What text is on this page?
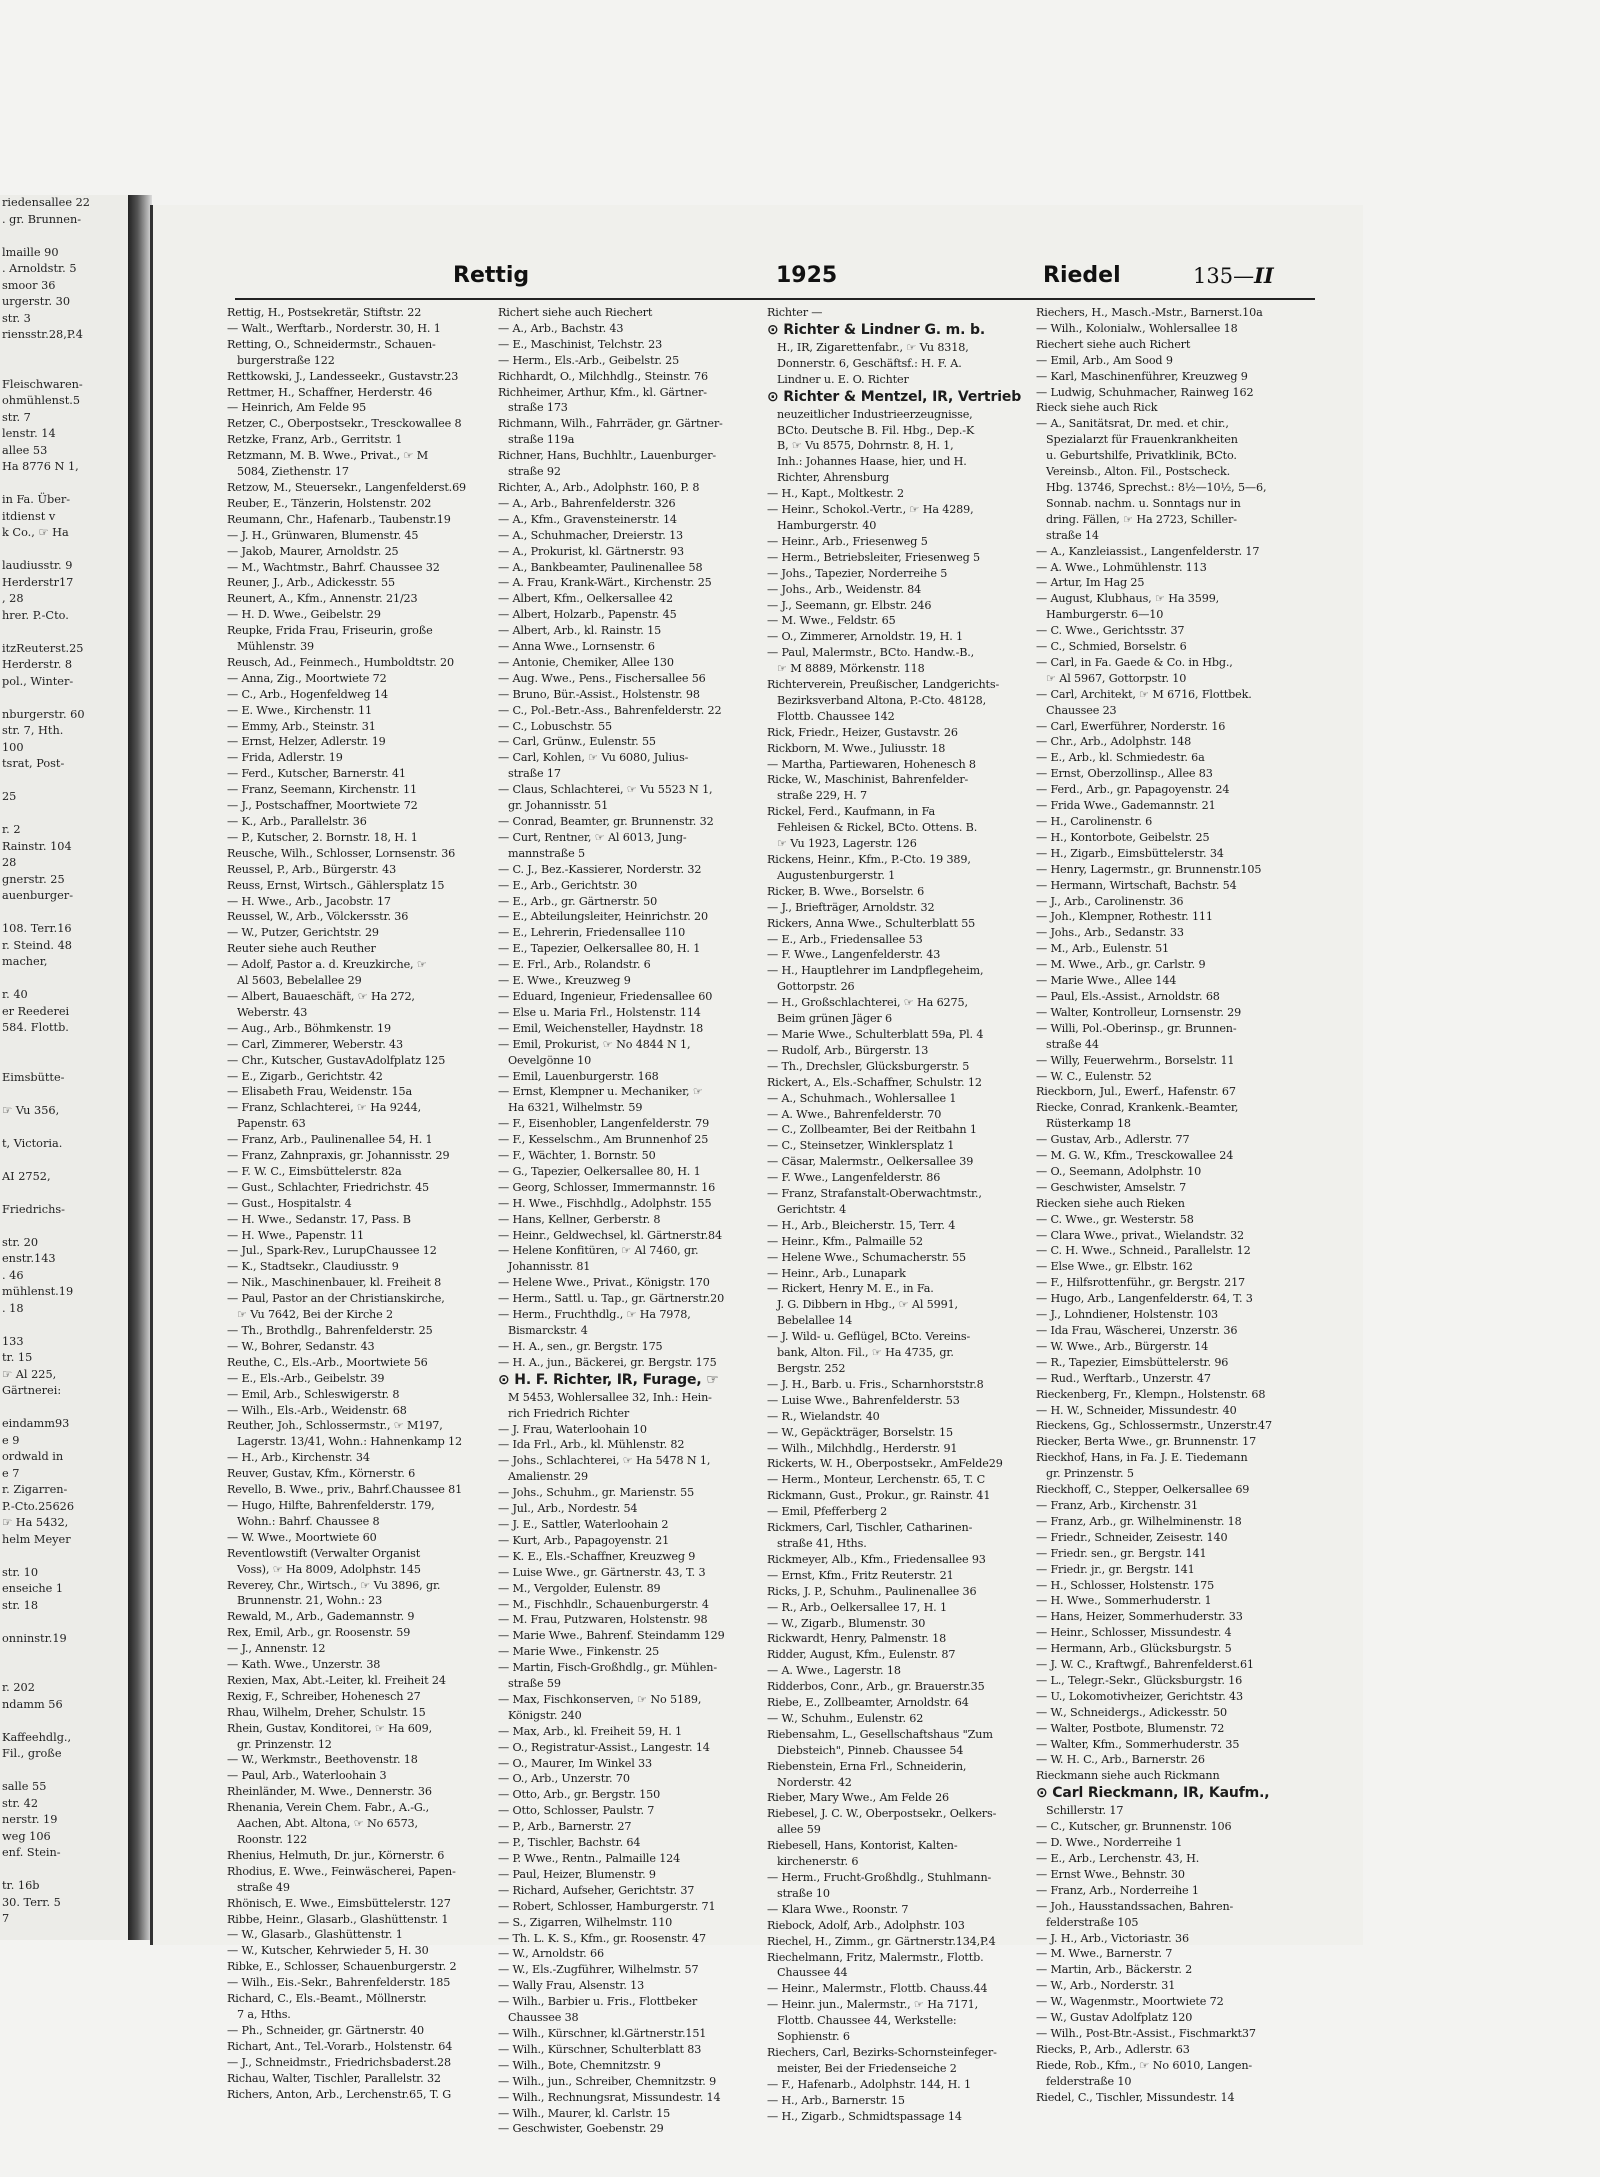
riedensallee 22
. gr. Brunnen-

lmaille 90
. Arnoldstr. 5
smoor 36
urgerstr. 30
str. 3
riensstr.28,P.4

Fleischwaren-
ohmühlenst.5
str. 7
lenstr. 14
allee 53
Ha 8776 N 1,

in Fa. Über-
itdienst v
k Co., ☞ Ha

laudiusstr. 9
Herderstr17
, 28
hrer. P.-Cto.

itzReuterst.25
Herderstr. 8
pol., Winter-

nburgerstr. 60
str. 7, Hth.
100
tsrat, Post-

25

r. 2
Rainstr. 104
28
gnerstr. 25
auenburger-

108. Terr.16
r. Steind. 48
macher,

r. 40
er Reederei
584. Flottb.

Eimsbütte-

☞ Vu 356,

t, Victoria.

AI 2752,

Friedrichs-

str. 20
enstr.143
. 46
mühlenst.19
. 18

133
tr. 15
☞ Al 225,
Gärtnerei:

eindamm93
e 9
ordwald in
e 7
r. Zigarren-
P.-Cto.25626
☞ Ha 5432,
helm Meyer

str. 10
enseiche 1
str. 18

onninstr.19

r. 202
ndamm 56

Kaffeehdlg.,
Fil., große

salle 55
str. 42
nerstr. 19
weg 106
enf. Stein-

tr. 16b
30. Terr. 5
7
Rettig	1925	Riedel	135—II
Rettig, H., Postsekretär, Stiftstr. 22
— Walt., Werftarb., Norderstr. 30, H. 1
Retting, O., Schneidermstr., Schauen-
burgerstraße 122
Rettkowski, J., Landesseekr., Gustavstr.23
Rettmer, H., Schaffner, Herderstr. 46
— Heinrich, Am Felde 95
Retzer, C., Oberpostsekr., Tresckowallee 8
Retzke, Franz, Arb., Gerritstr. 1
Retzmann, M. B. Wwe., Privat., ☞ M
5084, Ziethenstr. 17
Retzow, M., Steuersekr., Langenfelderst.69
Reuber, E., Tänzerin, Holstenstr. 202
Reumann, Chr., Hafenarb., Taubenstr.19
— J. H., Grünwaren, Blumenstr. 45
— Jakob, Maurer, Arnoldstr. 25
— M., Wachtmstr., Bahrf. Chaussee 32
Reuner, J., Arb., Adickesstr. 55
Reunert, A., Kfm., Annenstr. 21/23
— H. D. Wwe., Geibelstr. 29
Reupke, Frida Frau, Friseurin, große
Mühlenstr. 39
Reusch, Ad., Feinmech., Humboldtstr. 20
— Anna, Zig., Moortwiete 72
— C., Arb., Hogenfeldweg 14
— E. Wwe., Kirchenstr. 11
— Emmy, Arb., Steinstr. 31
— Ernst, Helzer, Adlerstr. 19
— Frida, Adlerstr. 19
— Ferd., Kutscher, Barnerstr. 41
— Franz, Seemann, Kirchenstr. 11
— J., Postschaffner, Moortwiete 72
— K., Arb., Parallelstr. 36
— P., Kutscher, 2. Bornstr. 18, H. 1
Reusche, Wilh., Schlosser, Lornsenstr. 36
Reussel, P., Arb., Bürgerstr. 43
Reuss, Ernst, Wirtsch., Gählersplatz 15
— H. Wwe., Arb., Jacobstr. 17
Reussel, W., Arb., Völckersstr. 36
— W., Putzer, Gerichtstr. 29
Reuter siehe auch Reuther
— Adolf, Pastor a. d. Kreuzkirche, ☞
Al 5603, Bebelallee 29
— Albert, Bauaeschäft, ☞ Ha 272,
Weberstr. 43
— Aug., Arb., Böhmkenstr. 19
— Carl, Zimmerer, Weberstr. 43
— Chr., Kutscher, GustavAdolfplatz 125
— E., Zigarb., Gerichtstr. 42
— Elisabeth Frau, Weidenstr. 15a
— Franz, Schlachterei, ☞ Ha 9244,
Papenstr. 63
— Franz, Arb., Paulinenallee 54, H. 1
— Franz, Zahnpraxis, gr. Johannisstr. 29
— F. W. C., Eimsbüttelerstr. 82a
— Gust., Schlachter, Friedrichstr. 45
— Gust., Hospitalstr. 4
— H. Wwe., Sedanstr. 17, Pass. B
— H. Wwe., Papenstr. 11
— Jul., Spark-Rev., LurupChaussee 12
— K., Stadtsekr., Claudiusstr. 9
— Nik., Maschinenbauer, kl. Freiheit 8
— Paul, Pastor an der Christianskirche,
☞ Vu 7642, Bei der Kirche 2
— Th., Brothdlg., Bahrenfelderstr. 25
— W., Bohrer, Sedanstr. 43
Reuthe, C., Els.-Arb., Moortwiete 56
— E., Els.-Arb., Geibelstr. 39
— Emil, Arb., Schleswigerstr. 8
— Wilh., Els.-Arb., Weidenstr. 68
Reuther, Joh., Schlossermstr., ☞ M197,
Lagerstr. 13/41, Wohn.: Hahnenkamp 12
— H., Arb., Kirchenstr. 34
Reuver, Gustav, Kfm., Körnerstr. 6
Revello, B. Wwe., priv., Bahrf.Chaussee 81
— Hugo, Hilfte, Bahrenfelderstr. 179,
Wohn.: Bahrf. Chaussee 8
— W. Wwe., Moortwiete 60
Reventlowstift (Verwalter Organist
Voss), ☞ Ha 8009, Adolphstr. 145
Reverey, Chr., Wirtsch., ☞ Vu 3896, gr.
Brunnenstr. 21, Wohn.: 23
Rewald, M., Arb., Gademannstr. 9
Rex, Emil, Arb., gr. Roosenstr. 59
— J., Annenstr. 12
— Kath. Wwe., Unzerstr. 38
Rexien, Max, Abt.-Leiter, kl. Freiheit 24
Rexig, F., Schreiber, Hohenesch 27
Rhau, Wilhelm, Dreher, Schulstr. 15
Rhein, Gustav, Konditorei, ☞ Ha 609,
gr. Prinzenstr. 12
— W., Werkmstr., Beethovenstr. 18
— Paul, Arb., Waterloohain 3
Rheinländer, M. Wwe., Dennerstr. 36
Rhenania, Verein Chem. Fabr., A.-G.,
Aachen, Abt. Altona, ☞ No 6573,
Roonstr. 122
Rhenius, Helmuth, Dr. jur., Körnerstr. 6
Rhodius, E. Wwe., Feinwäscherei, Papen-
straße 49
Rhönisch, E. Wwe., Eimsbüttelerstr. 127
Ribbe, Heinr., Glasarb., Glashüttenstr. 1
— W., Glasarb., Glashüttenstr. 1
— W., Kutscher, Kehrwieder 5, H. 30
Ribke, E., Schlosser, Schauenburgerstr. 2
— Wilh., Eis.-Sekr., Bahrenfelderstr. 185
Richard, C., Els.-Beamt., Möllnerstr.
7 a, Hths.
— Ph., Schneider, gr. Gärtnerstr. 40
Richart, Ant., Tel.-Vorarb., Holstenstr. 64
— J., Schneidmstr., Friedrichsbaderst.28
Richau, Walter, Tischler, Parallelstr. 32
Richers, Anton, Arb., Lerchenstr.65, T. G
Richert siehe auch Riechert
— A., Arb., Bachstr. 43
— E., Maschinist, Telchstr. 23
— Herm., Els.-Arb., Geibelstr. 25
Richhardt, O., Milchhdlg., Steinstr. 76
Richheimer, Arthur, Kfm., kl. Gärtner-
straße 173
Richmann, Wilh., Fahrräder, gr. Gärtner-
straße 119a
Richner, Hans, Buchhltr., Lauenburger-
straße 92
Richter, A., Arb., Adolphstr. 160, P. 8
— A., Arb., Bahrenfelderstr. 326
— A., Kfm., Gravensteinerstr. 14
— A., Schuhmacher, Dreierstr. 13
— A., Prokurist, kl. Gärtnerstr. 93
— A., Bankbeamter, Paulinenallee 58
— A. Frau, Krank-Wärt., Kirchenstr. 25
— Albert, Kfm., Oelkersallee 42
— Albert, Holzarb., Papenstr. 45
— Albert, Arb., kl. Rainstr. 15
— Anna Wwe., Lornsenstr. 6
— Antonie, Chemiker, Allee 130
— Aug. Wwe., Pens., Fischersallee 56
— Bruno, Bür.-Assist., Holstenstr. 98
— C., Pol.-Betr.-Ass., Bahrenfelderstr. 22
— C., Lobuschstr. 55
— Carl, Grünw., Eulenstr. 55
— Carl, Kohlen, ☞ Vu 6080, Julius-
straße 17
— Claus, Schlachterei, ☞ Vu 5523 N 1,
gr. Johannisstr. 51
— Conrad, Beamter, gr. Brunnenstr. 32
— Curt, Rentner, ☞ Al 6013, Jung-
mannstraße 5
— C. J., Bez.-Kassierer, Norderstr. 32
— E., Arb., Gerichtstr. 30
— E., Arb., gr. Gärtnerstr. 50
— E., Abteilungsleiter, Heinrichstr. 20
— E., Lehrerin, Friedensallee 110
— E., Tapezier, Oelkersallee 80, H. 1
— E. Frl., Arb., Rolandstr. 6
— E. Wwe., Kreuzweg 9
— Eduard, Ingenieur, Friedensallee 60
— Else u. Maria Frl., Holstenstr. 114
— Emil, Weichensteller, Haydnstr. 18
— Emil, Prokurist, ☞ No 4844 N 1,
Oevelgönne 10
— Emil, Lauenburgerstr. 168
— Ernst, Klempner u. Mechaniker, ☞
Ha 6321, Wilhelmstr. 59
— F., Eisenhobler, Langenfelderstr. 79
— F., Kesselschm., Am Brunnenhof 25
— F., Wächter, 1. Bornstr. 50
— G., Tapezier, Oelkersallee 80, H. 1
— Georg, Schlosser, Immermannstr. 16
— H. Wwe., Fischhdlg., Adolphstr. 155
— Hans, Kellner, Gerberstr. 8
— Heinr., Geldwechsel, kl. Gärtnerstr.84
— Helene Konfitüren, ☞ Al 7460, gr.
Johannisstr. 81
— Helene Wwe., Privat., Königstr. 170
— Herm., Sattl. u. Tap., gr. Gärtnerstr.20
— Herm., Fruchthdlg., ☞ Ha 7978,
Bismarckstr. 4
— H. A., sen., gr. Bergstr. 175
— H. A., jun., Bäckerei, gr. Bergstr. 175
⊙ H. F. Richter, IR, Furage, ☞
M 5453, Wohlersallee 32, Inh.: Hein-
rich Friedrich Richter
— J. Frau, Waterloohain 10
— Ida Frl., Arb., kl. Mühlenstr. 82
— Johs., Schlachterei, ☞ Ha 5478 N 1,
Amalienstr. 29
— Johs., Schuhm., gr. Marienstr. 55
— Jul., Arb., Nordestr. 54
— J. E., Sattler, Waterloohain 2
— Kurt, Arb., Papagoyenstr. 21
— K. E., Els.-Schaffner, Kreuzweg 9
— Luise Wwe., gr. Gärtnerstr. 43, T. 3
— M., Vergolder, Eulenstr. 89
— M., Fischhdlr., Schauenburgerstr. 4
— M. Frau, Putzwaren, Holstenstr. 98
— Marie Wwe., Bahrenf. Steindamm 129
— Marie Wwe., Finkenstr. 25
— Martin, Fisch-Großhdlg., gr. Mühlen-
straße 59
— Max, Fischkonserven, ☞ No 5189,
Königstr. 240
— Max, Arb., kl. Freiheit 59, H. 1
— O., Registratur-Assist., Langestr. 14
— O., Maurer, Im Winkel 33
— O., Arb., Unzerstr. 70
— Otto, Arb., gr. Bergstr. 150
— Otto, Schlosser, Paulstr. 7
— P., Arb., Barnerstr. 27
— P., Tischler, Bachstr. 64
— P. Wwe., Rentn., Palmaille 124
— Paul, Heizer, Blumenstr. 9
— Richard, Aufseher, Gerichtstr. 37
— Robert, Schlosser, Hamburgerstr. 71
— S., Zigarren, Wilhelmstr. 110
— Th. L. K. S., Kfm., gr. Roosenstr. 47
— W., Arnoldstr. 66
— W., Els.-Zugführer, Wilhelmstr. 57
— Wally Frau, Alsenstr. 13
— Wilh., Barbier u. Fris., Flottbeker
Chaussee 38
— Wilh., Kürschner, kl.Gärtnerstr.151
— Wilh., Kürschner, Schulterblatt 83
— Wilh., Bote, Chemnitzstr. 9
— Wilh., jun., Schreiber, Chemnitzstr. 9
— Wilh., Rechnungsrat, Missundestr. 14
— Wilh., Maurer, kl. Carlstr. 15
— Geschwister, Goebenstr. 29
Richter —
⊙ Richter & Lindner G. m. b.
H., IR, Zigarettenfabr., ☞ Vu 8318,
Donnerstr. 6, Geschäftsf.: H. F. A.
Lindner u. E. O. Richter
⊙ Richter & Mentzel, IR, Vertrieb
neuzeitlicher Industrieerzeugnisse,
BCto. Deutsche B. Fil. Hbg., Dep.-K
B, ☞ Vu 8575, Dohrnstr. 8, H. 1,
Inh.: Johannes Haase, hier, und H.
Richter, Ahrensburg
— H., Kapt., Moltkestr. 2
— Heinr., Schokol.-Vertr., ☞ Ha 4289,
Hamburgerstr. 40
— Heinr., Arb., Friesenweg 5
— Herm., Betriebsleiter, Friesenweg 5
— Johs., Tapezier, Norderreihe 5
— Johs., Arb., Weidenstr. 84
— J., Seemann, gr. Elbstr. 246
— M. Wwe., Feldstr. 65
— O., Zimmerer, Arnoldstr. 19, H. 1
— Paul, Malermstr., BCto. Handw.-B.,
☞ M 8889, Mörkenstr. 118
Richterverein, Preußischer, Landgerichts-
Bezirksverband Altona, P.-Cto. 48128,
Flottb. Chaussee 142
Rick, Friedr., Heizer, Gustavstr. 26
Rickborn, M. Wwe., Juliusstr. 18
— Martha, Partiewaren, Hohenesch 8
Ricke, W., Maschinist, Bahrenfelder-
straße 229, H. 7
Rickel, Ferd., Kaufmann, in Fa
Fehleisen & Rickel, BCto. Ottens. B.
☞ Vu 1923, Lagerstr. 126
Rickens, Heinr., Kfm., P.-Cto. 19 389,
Augustenburgerstr. 1
Ricker, B. Wwe., Borselstr. 6
— J., Briefträger, Arnoldstr. 32
Rickers, Anna Wwe., Schulterblatt 55
— E., Arb., Friedensallee 53
— F. Wwe., Langenfelderstr. 43
— H., Hauptlehrer im Landpflegeheim,
Gottorpstr. 26
— H., Großschlachterei, ☞ Ha 6275,
Beim grünen Jäger 6
— Marie Wwe., Schulterblatt 59a, Pl. 4
— Rudolf, Arb., Bürgerstr. 13
— Th., Drechsler, Glücksburgerstr. 5
Rickert, A., Els.-Schaffner, Schulstr. 12
— A., Schuhmach., Wohlersallee 1
— A. Wwe., Bahrenfelderstr. 70
— C., Zollbeamter, Bei der Reitbahn 1
— C., Steinsetzer, Winklersplatz 1
— Cäsar, Malermstr., Oelkersallee 39
— F. Wwe., Langenfelderstr. 86
— Franz, Strafanstalt-Oberwachtmstr.,
Gerichtstr. 4
— H., Arb., Bleicherstr. 15, Terr. 4
— Heinr., Kfm., Palmaille 52
— Helene Wwe., Schumacherstr. 55
— Heinr., Arb., Lunapark
— Rickert, Henry M. E., in Fa.
J. G. Dibbern in Hbg., ☞ Al 5991,
Bebelallee 14
— J. Wild- u. Geflügel, BCto. Vereins-
bank, Alton. Fil., ☞ Ha 4735, gr.
Bergstr. 252
— J. H., Barb. u. Fris., Scharnhorststr.8
— Luise Wwe., Bahrenfelderstr. 53
— R., Wielandstr. 40
— W., Gepäckträger, Borselstr. 15
— Wilh., Milchhdlg., Herderstr. 91
Rickerts, W. H., Oberpostsekr., AmFelde29
— Herm., Monteur, Lerchenstr. 65, T. C
Rickmann, Gust., Prokur., gr. Rainstr. 41
— Emil, Pfefferberg 2
Rickmers, Carl, Tischler, Catharinen-
straße 41, Hths.
Rickmeyer, Alb., Kfm., Friedensallee 93
— Ernst, Kfm., Fritz Reuterstr. 21
Ricks, J. P., Schuhm., Paulinenallee 36
— R., Arb., Oelkersallee 17, H. 1
— W., Zigarb., Blumenstr. 30
Rickwardt, Henry, Palmenstr. 18
Ridder, August, Kfm., Eulenstr. 87
— A. Wwe., Lagerstr. 18
Ridderbos, Conr., Arb., gr. Brauerstr.35
Riebe, E., Zollbeamter, Arnoldstr. 64
— W., Schuhm., Eulenstr. 62
Riebensahm, L., Gesellschaftshaus "Zum
Diebsteich", Pinneb. Chaussee 54
Riebenstein, Erna Frl., Schneiderin,
Norderstr. 42
Rieber, Mary Wwe., Am Felde 26
Riebesel, J. C. W., Oberpostsekr., Oelkers-
allee 59
Riebesell, Hans, Kontorist, Kalten-
kirchenerstr. 6
— Herm., Frucht-Großhdlg., Stuhlmann-
straße 10
— Klara Wwe., Roonstr. 7
Riebock, Adolf, Arb., Adolphstr. 103
Riechel, H., Zimm., gr. Gärtnerstr.134,P.4
Riechelmann, Fritz, Malermstr., Flottb.
Chaussee 44
— Heinr., Malermstr., Flottb. Chauss.44
— Heinr. jun., Malermstr., ☞ Ha 7171,
Flottb. Chaussee 44, Werkstelle:
Sophienstr. 6
Riechers, Carl, Bezirks-Schornsteinfeger-
meister, Bei der Friedenseiche 2
— F., Hafenarb., Adolphstr. 144, H. 1
— H., Arb., Barnerstr. 15
— H., Zigarb., Schmidtspassage 14
Riechers, H., Masch.-Mstr., Barnerst.10a
— Wilh., Kolonialw., Wohlersallee 18
Riechert siehe auch Richert
— Emil, Arb., Am Sood 9
— Karl, Maschinenführer, Kreuzweg 9
— Ludwig, Schuhmacher, Rainweg 162
Rieck siehe auch Rick
— A., Sanitätsrat, Dr. med. et chir.,
Spezialarzt für Frauenkrankheiten
u. Geburtshilfe, Privatklinik, BCto.
Vereinsb., Alton. Fil., Postscheck.
Hbg. 13746, Sprechst.: 8½—10½, 5—6,
Sonnab. nachm. u. Sonntags nur in
dring. Fällen, ☞ Ha 2723, Schiller-
straße 14
— A., Kanzleiassist., Langenfelderstr. 17
— A. Wwe., Lohmühlenstr. 113
— Artur, Im Hag 25
— August, Klubhaus, ☞ Ha 3599,
Hamburgerstr. 6—10
— C. Wwe., Gerichtsstr. 37
— C., Schmied, Borselstr. 6
— Carl, in Fa. Gaede & Co. in Hbg.,
☞ Al 5967, Gottorpstr. 10
— Carl, Architekt, ☞ M 6716, Flottbek.
Chaussee 23
— Carl, Ewerführer, Norderstr. 16
— Chr., Arb., Adolphstr. 148
— E., Arb., kl. Schmiedestr. 6a
— Ernst, Oberzollinsp., Allee 83
— Ferd., Arb., gr. Papagoyenstr. 24
— Frida Wwe., Gademannstr. 21
— H., Carolinenstr. 6
— H., Kontorbote, Geibelstr. 25
— H., Zigarb., Eimsbüttelerstr. 34
— Henry, Lagermstr., gr. Brunnenstr.105
— Hermann, Wirtschaft, Bachstr. 54
— J., Arb., Carolinenstr. 36
— Joh., Klempner, Rothestr. 111
— Johs., Arb., Sedanstr. 33
— M., Arb., Eulenstr. 51
— M. Wwe., Arb., gr. Carlstr. 9
— Marie Wwe., Allee 144
— Paul, Els.-Assist., Arnoldstr. 68
— Walter, Kontrolleur, Lornsenstr. 29
— Willi, Pol.-Oberinsp., gr. Brunnen-
straße 44
— Willy, Feuerwehrm., Borselstr. 11
— W. C., Eulenstr. 52
Rieckborn, Jul., Ewerf., Hafenstr. 67
Riecke, Conrad, Krankenk.-Beamter,
Rüsterkamp 18
— Gustav, Arb., Adlerstr. 77
— M. G. W., Kfm., Tresckowallee 24
— O., Seemann, Adolphstr. 10
— Geschwister, Amselstr. 7
Riecken siehe auch Rieken
— C. Wwe., gr. Westerstr. 58
— Clara Wwe., privat., Wielandstr. 32
— C. H. Wwe., Schneid., Parallelstr. 12
— Else Wwe., gr. Elbstr. 162
— F., Hilfsrottenführ., gr. Bergstr. 217
— Hugo, Arb., Langenfelderstr. 64, T. 3
— J., Lohndiener, Holstenstr. 103
— Ida Frau, Wäscherei, Unzerstr. 36
— W. Wwe., Arb., Bürgerstr. 14
— R., Tapezier, Eimsbüttelerstr. 96
— Rud., Werftarb., Unzerstr. 47
Rieckenberg, Fr., Klempn., Holstenstr. 68
— H. W., Schneider, Missundestr. 40
Rieckens, Gg., Schlossermstr., Unzerstr.47
Riecker, Berta Wwe., gr. Brunnenstr. 17
Rieckhof, Hans, in Fa. J. E. Tiedemann
gr. Prinzenstr. 5
Rieckhoff, C., Stepper, Oelkersallee 69
— Franz, Arb., Kirchenstr. 31
— Franz, Arb., gr. Wilhelminenstr. 18
— Friedr., Schneider, Zeisestr. 140
— Friedr. sen., gr. Bergstr. 141
— Friedr. jr., gr. Bergstr. 141
— H., Schlosser, Holstenstr. 175
— H. Wwe., Sommerhuderstr. 1
— Hans, Heizer, Sommerhuderstr. 33
— Heinr., Schlosser, Missundestr. 4
— Hermann, Arb., Glücksburgstr. 5
— J. W. C., Kraftwgf., Bahrenfelderst.61
— L., Telegr.-Sekr., Glücksburgstr. 16
— U., Lokomotivheizer, Gerichtstr. 43
— W., Schneidergs., Adickesstr. 50
— Walter, Postbote, Blumenstr. 72
— Walter, Kfm., Sommerhuderstr. 35
— W. H. C., Arb., Barnerstr. 26
Rieckmann siehe auch Rickmann
⊙ Carl Rieckmann, IR, Kaufm.,
Schillerstr. 17
— C., Kutscher, gr. Brunnenstr. 106
— D. Wwe., Norderreihe 1
— E., Arb., Lerchenstr. 43, H.
— Ernst Wwe., Behnstr. 30
— Franz, Arb., Norderreihe 1
— Joh., Hausstandssachen, Bahren-
felderstraße 105
— J. H., Arb., Victoriastr. 36
— M. Wwe., Barnerstr. 7
— Martin, Arb., Bäckerstr. 2
— W., Arb., Norderstr. 31
— W., Wagenmstr., Moortwiete 72
— W., Gustav Adolfplatz 120
— Wilh., Post-Btr.-Assist., Fischmarkt37
Riecks, P., Arb., Adlerstr. 63
Riede, Rob., Kfm., ☞ No 6010, Langen-
felderstraße 10
Riedel, C., Tischler, Missundestr. 14
